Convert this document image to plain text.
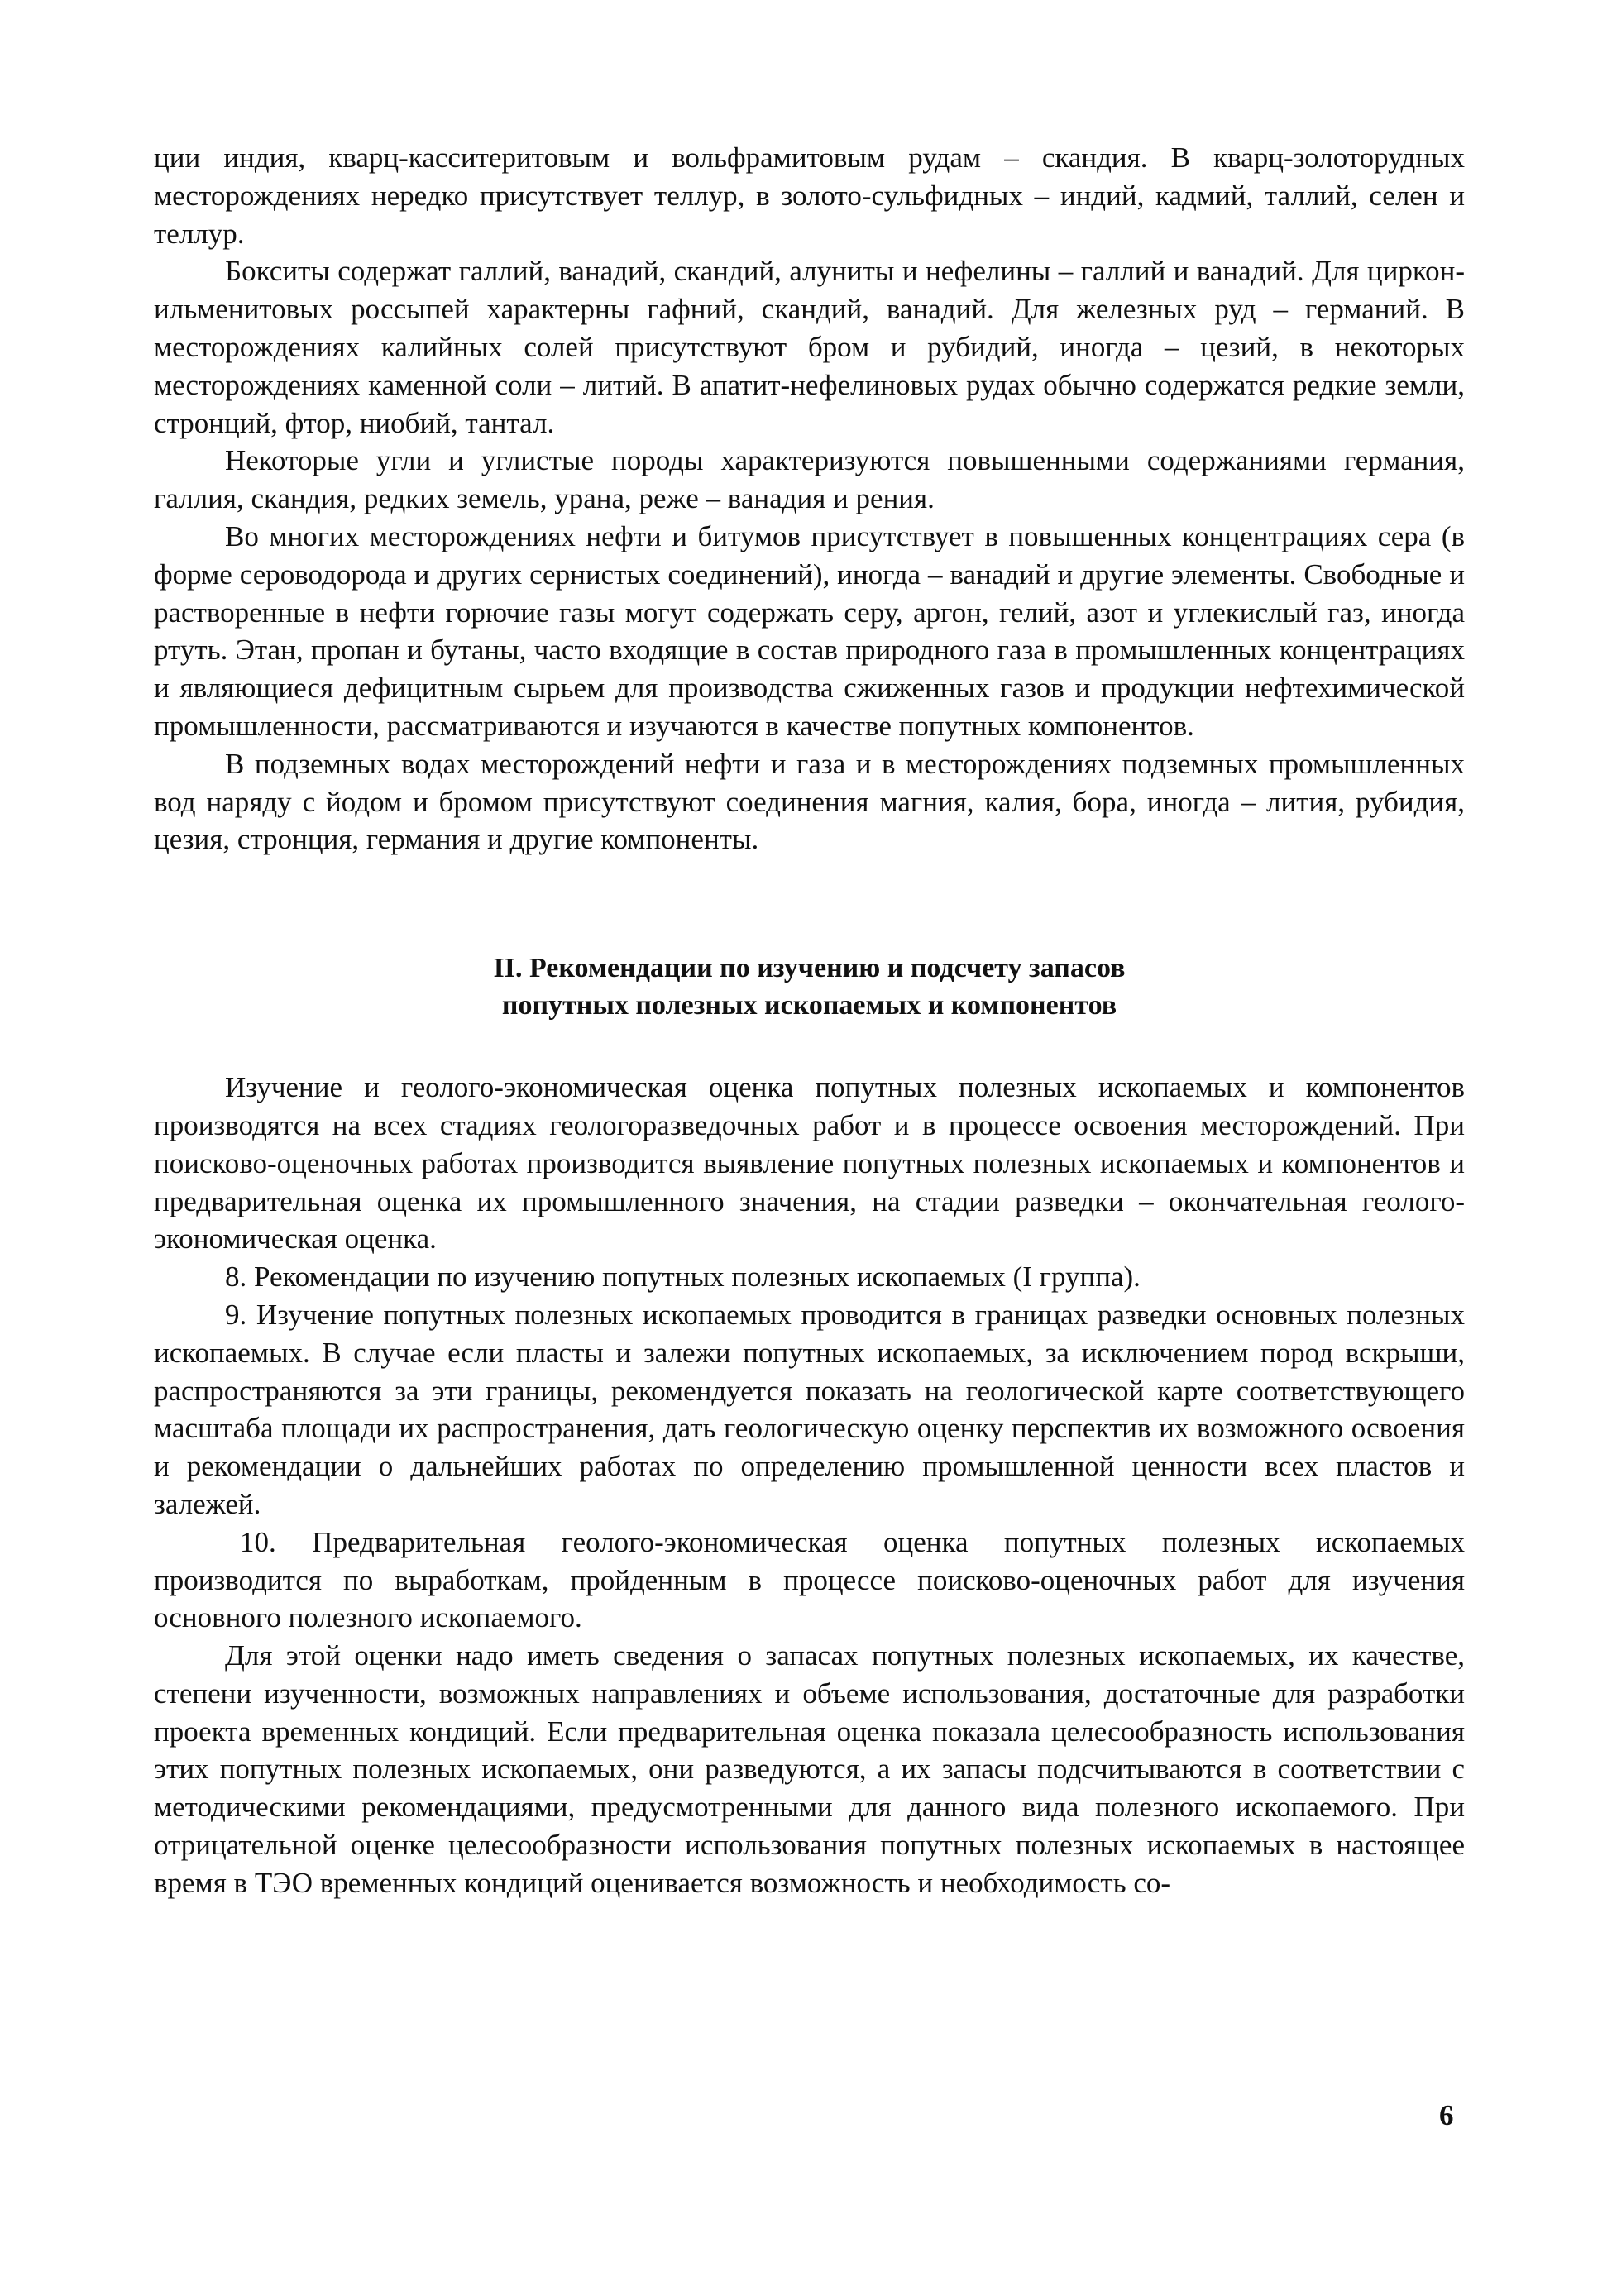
ции индия, кварц-касситеритовым и вольфрамитовым рудам – скандия. В кварц-золоторудных месторождениях нередко присутствует теллур, в золото-сульфидных – индий, кадмий, таллий, селен и теллур.

Бокситы содержат галлий, ванадий, скандий, алуниты и нефелины – галлий и ванадий. Для циркон-ильменитовых россыпей характерны гафний, скандий, ванадий. Для железных руд – германий. В месторождениях калийных солей присутствуют бром и рубидий, иногда – цезий, в некоторых месторождениях каменной соли – литий. В апатит-нефелиновых рудах обычно содержатся редкие земли, стронций, фтор, ниобий, тантал.

Некоторые угли и углистые породы характеризуются повышенными содержаниями германия, галлия, скандия, редких земель, урана, реже – ванадия и рения.

Во многих месторождениях нефти и битумов присутствует в повышенных концентрациях сера (в форме сероводорода и других сернистых соединений), иногда – ванадий и другие элементы. Свободные и растворенные в нефти горючие газы могут содержать серу, аргон, гелий, азот и углекислый газ, иногда ртуть. Этан, пропан и бутаны, часто входящие в состав природного газа в промышленных концентрациях и являющиеся дефицитным сырьем для производства сжиженных газов и продукции нефтехимической промышленности, рассматриваются и изучаются в качестве попутных компонентов.

В подземных водах месторождений нефти и газа и в месторождениях подземных промышленных вод наряду с йодом и бромом присутствуют соединения магния, калия, бора, иногда – лития, рубидия, цезия, стронция, германия и другие компоненты.

II. Рекомендации по изучению и подсчету запасов
попутных полезных ископаемых и компонентов

Изучение и геолого-экономическая оценка попутных полезных ископаемых и компонентов производятся на всех стадиях геологоразведочных работ и в процессе освоения месторождений. При поисково-оценочных работах производится выявление попутных полезных ископаемых и компонентов и предварительная оценка их промышленного значения, на стадии разведки – окончательная геолого-экономическая оценка.

8. Рекомендации по изучению попутных полезных ископаемых (I группа).

9. Изучение попутных полезных ископаемых проводится в границах разведки основных полезных ископаемых. В случае если пласты и залежи попутных ископаемых, за исключением пород вскрыши, распространяются за эти границы, рекомендуется показать на геологической карте соответствующего масштаба площади их распространения, дать геологическую оценку перспектив их возможного освоения и рекомендации о дальнейших работах по определению промышленной ценности всех пластов и залежей.

10. Предварительная геолого-экономическая оценка попутных полезных ископаемых производится по выработкам, пройденным в процессе поисково-оценочных работ для изучения основного полезного ископаемого.

Для этой оценки надо иметь сведения о запасах попутных полезных ископаемых, их качестве, степени изученности, возможных направлениях и объеме использования, достаточные для разработки проекта временных кондиций. Если предварительная оценка показала целесообразность использования этих попутных полезных ископаемых, они разведуются, а их запасы подсчитываются в соответствии с методическими рекомендациями, предусмотренными для данного вида полезного ископаемого. При отрицательной оценке целесообразности использования попутных полезных ископаемых в настоящее время в ТЭО временных кондиций оценивается возможность и необходимость со-

6
